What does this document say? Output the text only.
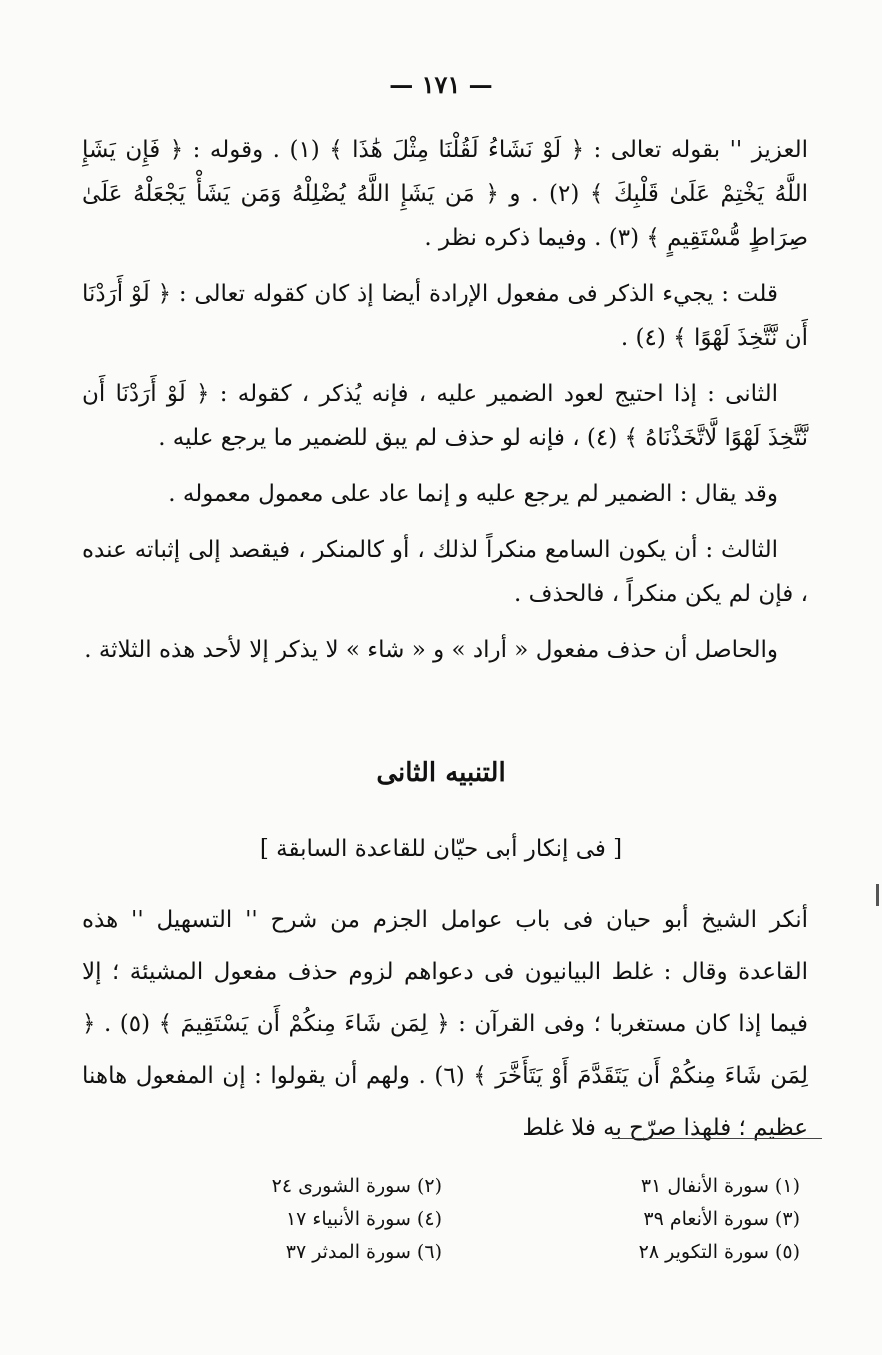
— ١٧١ —

العزيز '' بقوله تعالى : ﴿ لَوْ نَشَاءُ لَقُلْنَا مِثْلَ هَٰذَا ﴾ (١) . وقوله : ﴿ فَإِن يَشَإِ اللَّهُ يَخْتِمْ عَلَىٰ قَلْبِكَ ﴾ (٢) . و ﴿ مَن يَشَإِ اللَّهُ يُضْلِلْهُ وَمَن يَشَأْ يَجْعَلْهُ عَلَىٰ صِرَاطٍ مُّسْتَقِيمٍ ﴾ (٣) . وفيما ذكره نظر .

قلت : يجيء الذكر فى مفعول الإرادة أيضا إذ كان كقوله تعالى : ﴿ لَوْ أَرَدْنَا أَن نَّتَّخِذَ لَهْوًا ﴾ (٤) .

الثانى : إذا احتيج لعود الضمير عليه ، فإنه يُذكر ، كقوله : ﴿ لَوْ أَرَدْنَا أَن نَّتَّخِذَ لَهْوًا لَّاتَّخَذْنَاهُ ﴾ (٤) ، فإنه لو حذف لم يبق للضمير ما يرجع عليه .

وقد يقال : الضمير لم يرجع عليه و إنما عاد على معمول معموله .

الثالث : أن يكون السامع منكراً لذلك ، أو كالمنكر ، فيقصد إلى إثباته عنده ، فإن لم يكن منكراً ، فالحذف .

والحاصل أن حذف مفعول « أراد » و « شاء » لا يذكر إلا لأحد هذه الثلاثة .

التنبيه الثانى
[ فى إنكار أبى حيّان للقاعدة السابقة ]

أنكر الشيخ أبو حيان فى باب عوامل الجزم من شرح '' التسهيل '' هذه القاعدة وقال : غلط البيانيون فى دعواهم لزوم حذف مفعول المشيئة ؛ إلا فيما إذا كان مستغربا ؛ وفى القرآن : ﴿ لِمَن شَاءَ مِنكُمْ أَن يَسْتَقِيمَ ﴾ (٥) . ﴿ لِمَن شَاءَ مِنكُمْ أَن يَتَقَدَّمَ أَوْ يَتَأَخَّرَ ﴾ (٦) . ولهم أن يقولوا : إن المفعول هاهنا عظيم ؛ فلهذا صرّح به فلا غلط

(١) سورة الأنفال ٣١
(٣) سورة الأنعام ٣٩
(٥) سورة التكوير ٢٨
(٢) سورة الشورى ٢٤
(٤) سورة الأنبياء ١٧
(٦) سورة المدثر ٣٧
